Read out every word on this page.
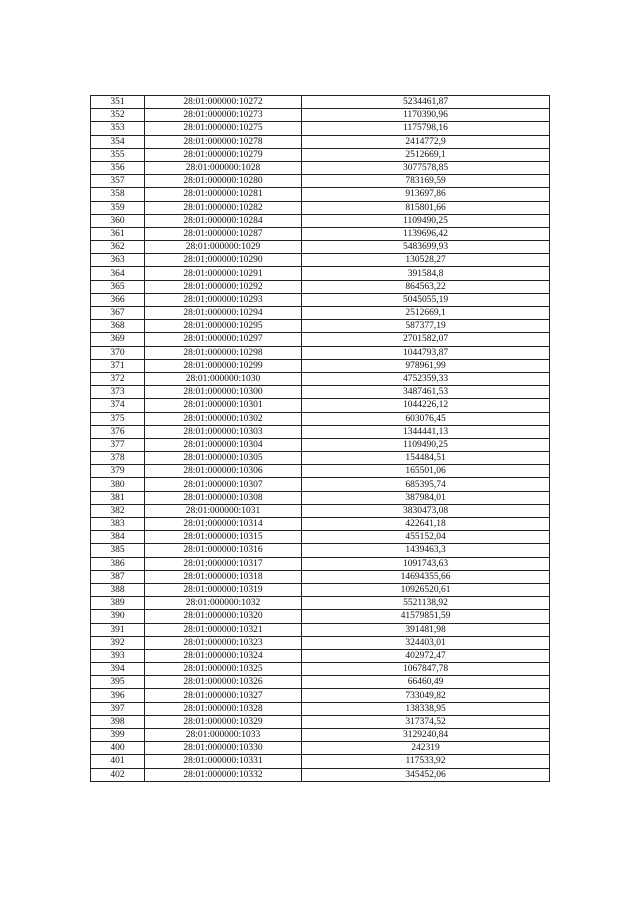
351	28:01:000000:10272	5234461,87
352	28:01:000000:10273	1170390,96
353	28:01:000000:10275	1175798,16
354	28:01:000000:10278	2414772,9
355	28:01:000000:10279	2512669,1
356	28:01:000000:1028	3077578,85
357	28:01:000000:10280	783169,59
358	28:01:000000:10281	913697,86
359	28:01:000000:10282	815801,66
360	28:01:000000:10284	1109490,25
361	28:01:000000:10287	1139696,42
362	28:01:000000:1029	5483699,93
363	28:01:000000:10290	130528,27
364	28:01:000000:10291	391584,8
365	28:01:000000:10292	864563,22
366	28:01:000000:10293	5045055,19
367	28:01:000000:10294	2512669,1
368	28:01:000000:10295	587377,19
369	28:01:000000:10297	2701582,07
370	28:01:000000:10298	1044793,87
371	28:01:000000:10299	978961,99
372	28:01:000000:1030	4752359,33
373	28:01:000000:10300	3487461,53
374	28:01:000000:10301	1044226,12
375	28:01:000000:10302	603076,45
376	28:01:000000:10303	1344441,13
377	28:01:000000:10304	1109490,25
378	28:01:000000:10305	154484,51
379	28:01:000000:10306	165501,06
380	28:01:000000:10307	685395,74
381	28:01:000000:10308	387984,01
382	28:01:000000:1031	3830473,08
383	28:01:000000:10314	422641,18
384	28:01:000000:10315	455152,04
385	28:01:000000:10316	1439463,3
386	28:01:000000:10317	1091743,63
387	28:01:000000:10318	14694355,66
388	28:01:000000:10319	10926520,61
389	28:01:000000:1032	5521138,92
390	28:01:000000:10320	41579851,59
391	28:01:000000:10321	391481,98
392	28:01:000000:10323	324403,01
393	28:01:000000:10324	402972,47
394	28:01:000000:10325	1067847,78
395	28:01:000000:10326	66460,49
396	28:01:000000:10327	733049,82
397	28:01:000000:10328	138338,95
398	28:01:000000:10329	317374,52
399	28:01:000000:1033	3129240,84
400	28:01:000000:10330	242319
401	28:01:000000:10331	117533,92
402	28:01:000000:10332	345452,06
